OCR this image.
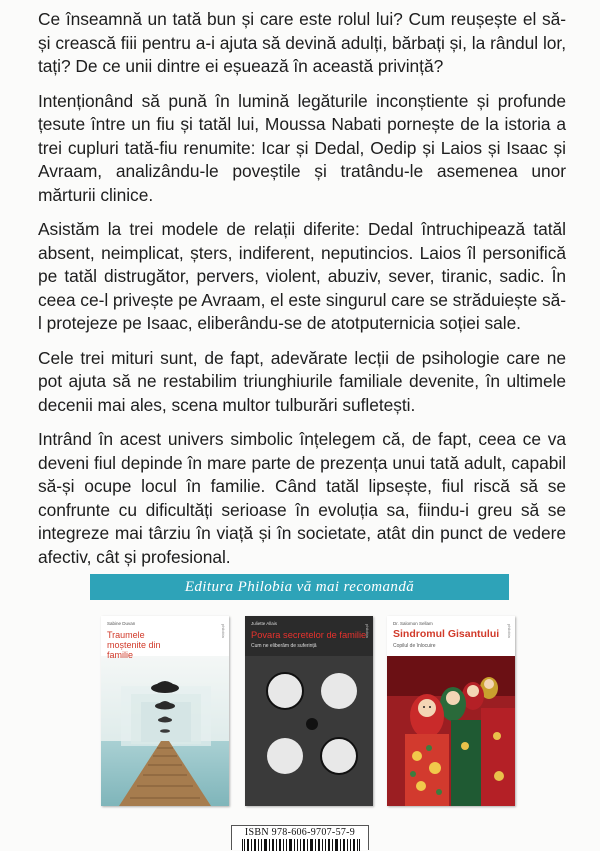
Ce înseamnă un tată bun și care este rolul lui? Cum reușește el să-și crească fiii pentru a-i ajuta să devină adulți, bărbați și, la rândul lor, tați? De ce unii dintre ei eșuează în această privință?

Intenționând să pună în lumină legăturile inconștiente și profunde țesute între un fiu și tatăl lui, Moussa Nabati pornește de la istoria a trei cupluri tată-fiu renumite: Icar și Dedal, Oedip și Laios și Isaac și Avraam, analizându-le poveștile și tratându-le asemenea unor mărturii clinice.

Asistăm la trei modele de relații diferite: Dedal întruchipează tatăl absent, neimplicat, șters, indiferent, neputincios. Laios îl personifică pe tatăl distrugător, pervers, violent, abuziv, sever, tiranic, sadic. În ceea ce-l privește pe Avraam, el este singurul care se străduiește să-l protejeze pe Isaac, eliberându-se de atotputernicia soției sale.

Cele trei mituri sunt, de fapt, adevărate lecții de psihologie care ne pot ajuta să ne restabilim triunghiurile familiale devenite, în ultimele decenii mai ales, scena multor tulburări sufletești.

Intrând în acest univers simbolic înțelegem că, de fapt, ceea ce va deveni fiul depinde în mare parte de prezența unui tată adult, capabil să-și ocupe locul în familie. Când tatăl lipsește, fiul riscă să se confrunte cu dificultăți serioase în evoluția sa, fiindu-i greu să se integreze mai târziu în viață și în societate, atât din punct de vedere afectiv, cât și profesional.

Editura Philobia vă mai recomandă
Sabine Duvan
Traumele moștenite din familie
philobia
Juliette Allais
Povara secretelor de familie
Cum ne eliberăm de suferință
philobia
Dr. Salomon Sellam
Sindromul Gisantului
Copilul de înlocuire
philobia
ISBN 978-606-9707-57-9
